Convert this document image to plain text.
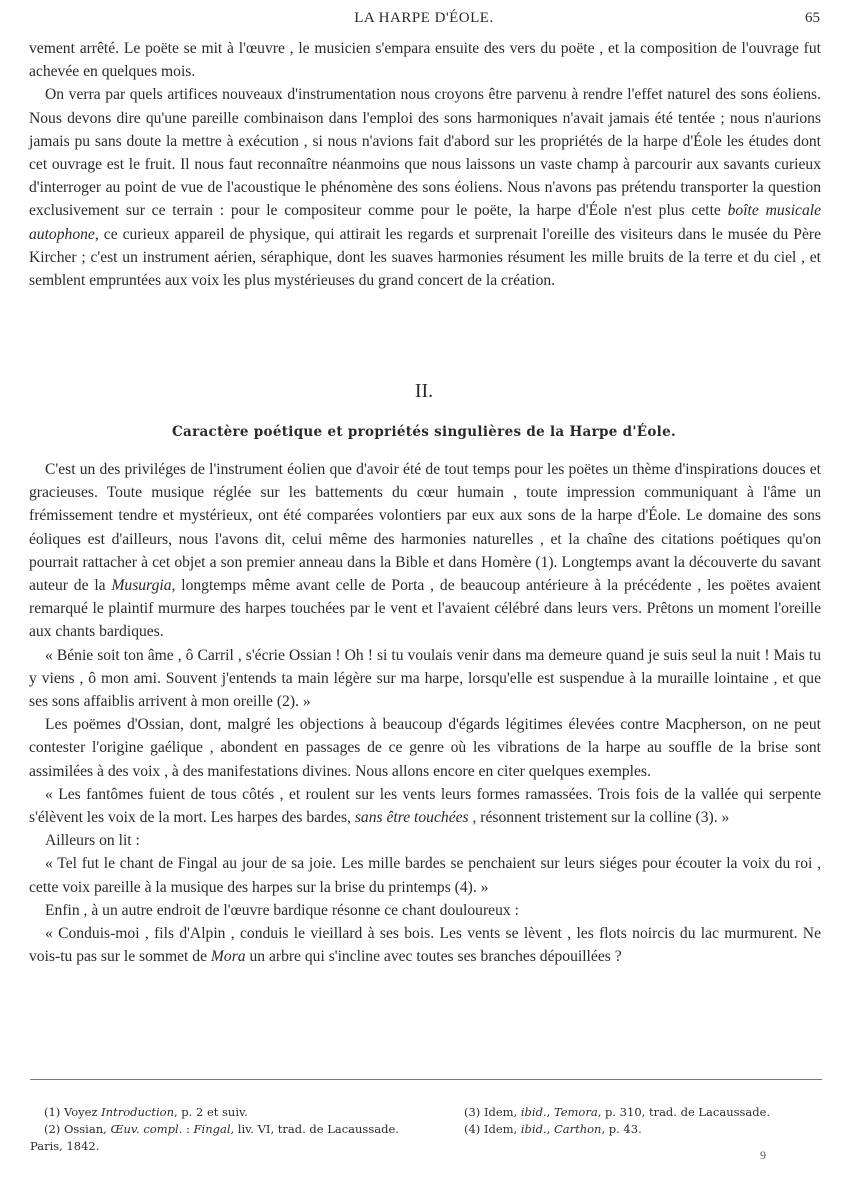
LA HARPE D'ÉOLE.	65

vement arrêté. Le poëte se mit à l'œuvre , le musicien s'empara ensuite des vers du poëte , et la composition de l'ouvrage fut achevée en quelques mois.

On verra par quels artifices nouveaux d'instrumentation nous croyons être parvenu à rendre l'effet naturel des sons éoliens. Nous devons dire qu'une pareille combinaison dans l'emploi des sons harmoniques n'avait jamais été tentée ; nous n'aurions jamais pu sans doute la mettre à exécution , si nous n'avions fait d'abord sur les propriétés de la harpe d'Éole les études dont cet ouvrage est le fruit. Il nous faut reconnaître néanmoins que nous laissons un vaste champ à parcourir aux savants curieux d'interroger au point de vue de l'acoustique le phénomène des sons éoliens. Nous n'avons pas prétendu transporter la question exclusivement sur ce terrain : pour le compositeur comme pour le poëte, la harpe d'Éole n'est plus cette boîte musicale autophone, ce curieux appareil de physique, qui attirait les regards et surprenait l'oreille des visiteurs dans le musée du Père Kircher ; c'est un instrument aérien, séraphique, dont les suaves harmonies résument les mille bruits de la terre et du ciel , et semblent empruntées aux voix les plus mystérieuses du grand concert de la création.

II.
Caractère poétique et propriétés singulières de la Harpe d'Éole.

C'est un des priviléges de l'instrument éolien que d'avoir été de tout temps pour les poëtes un thème d'inspirations douces et gracieuses. Toute musique réglée sur les battements du cœur humain , toute impression communiquant à l'âme un frémissement tendre et mystérieux, ont été comparées volontiers par eux aux sons de la harpe d'Éole. Le domaine des sons éoliques est d'ailleurs, nous l'avons dit, celui même des harmonies naturelles , et la chaîne des citations poétiques qu'on pourrait rattacher à cet objet a son premier anneau dans la Bible et dans Homère (1). Longtemps avant la découverte du savant auteur de la Musurgia, longtemps même avant celle de Porta , de beaucoup antérieure à la précédente , les poëtes avaient remarqué le plaintif murmure des harpes touchées par le vent et l'avaient célébré dans leurs vers. Prêtons un moment l'oreille aux chants bardiques.

« Bénie soit ton âme , ô Carril , s'écrie Ossian ! Oh ! si tu voulais venir dans ma demeure quand je suis seul la nuit ! Mais tu y viens , ô mon ami. Souvent j'entends ta main légère sur ma harpe, lorsqu'elle est suspendue à la muraille lointaine , et que ses sons affaiblis arrivent à mon oreille (2). »

Les poëmes d'Ossian, dont, malgré les objections à beaucoup d'égards légitimes élevées contre Macpherson, on ne peut contester l'origine gaélique , abondent en passages de ce genre où les vibrations de la harpe au souffle de la brise sont assimilées à des voix , à des manifestations divines. Nous allons encore en citer quelques exemples.

« Les fantômes fuient de tous côtés , et roulent sur les vents leurs formes ramassées. Trois fois de la vallée qui serpente s'élèvent les voix de la mort. Les harpes des bardes, sans être touchées , résonnent tristement sur la colline (3). »

Ailleurs on lit :

« Tel fut le chant de Fingal au jour de sa joie. Les mille bardes se penchaient sur leurs siéges pour écouter la voix du roi , cette voix pareille à la musique des harpes sur la brise du printemps (4). »

Enfin , à un autre endroit de l'œuvre bardique résonne ce chant douloureux :

« Conduis-moi , fils d'Alpin , conduis le vieillard à ses bois. Les vents se lèvent , les flots noircis du lac murmurent. Ne vois-tu pas sur le sommet de Mora un arbre qui s'incline avec toutes ses branches dépouillées ?

(1) Voyez Introduction, p. 2 et suiv.

(2) Ossian, Œuv. compl. : Fingal, liv. VI, trad. de Lacaussade. Paris, 1842.

(3) Idem, ibid., Temora, p. 310, trad. de Lacaussade.

(4) Idem, ibid., Carthon, p. 43.

9
